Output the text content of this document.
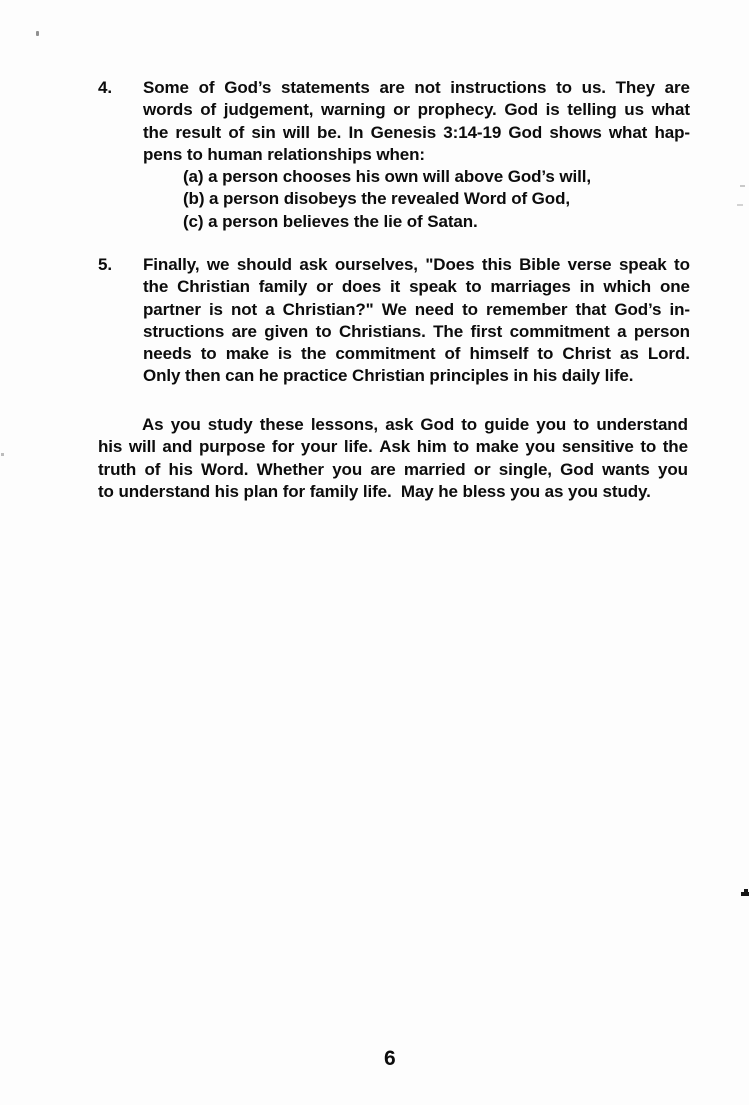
4. Some of God’s statements are not instructions to us. They are
words of judgement, warning or prophecy. God is telling us what
the result of sin will be. In Genesis 3:14-19 God shows what hap-
pens to human relationships when:
(a) a person chooses his own will above God’s will,
(b) a person disobeys the revealed Word of God,
(c) a person believes the lie of Satan.
5. Finally, we should ask ourselves, "Does this Bible verse speak to
the Christian family or does it speak to marriages in which one
partner is not a Christian?" We need to remember that God’s in-
structions are given to Christians. The first commitment a person
needs to make is the commitment of himself to Christ as Lord.
Only then can he practice Christian principles in his daily life.
As you study these lessons, ask God to guide you to understand
his will and purpose for your life. Ask him to make you sensitive to the
truth of his Word. Whether you are married or single, God wants you
to understand his plan for family life.  May he bless you as you study.
6
